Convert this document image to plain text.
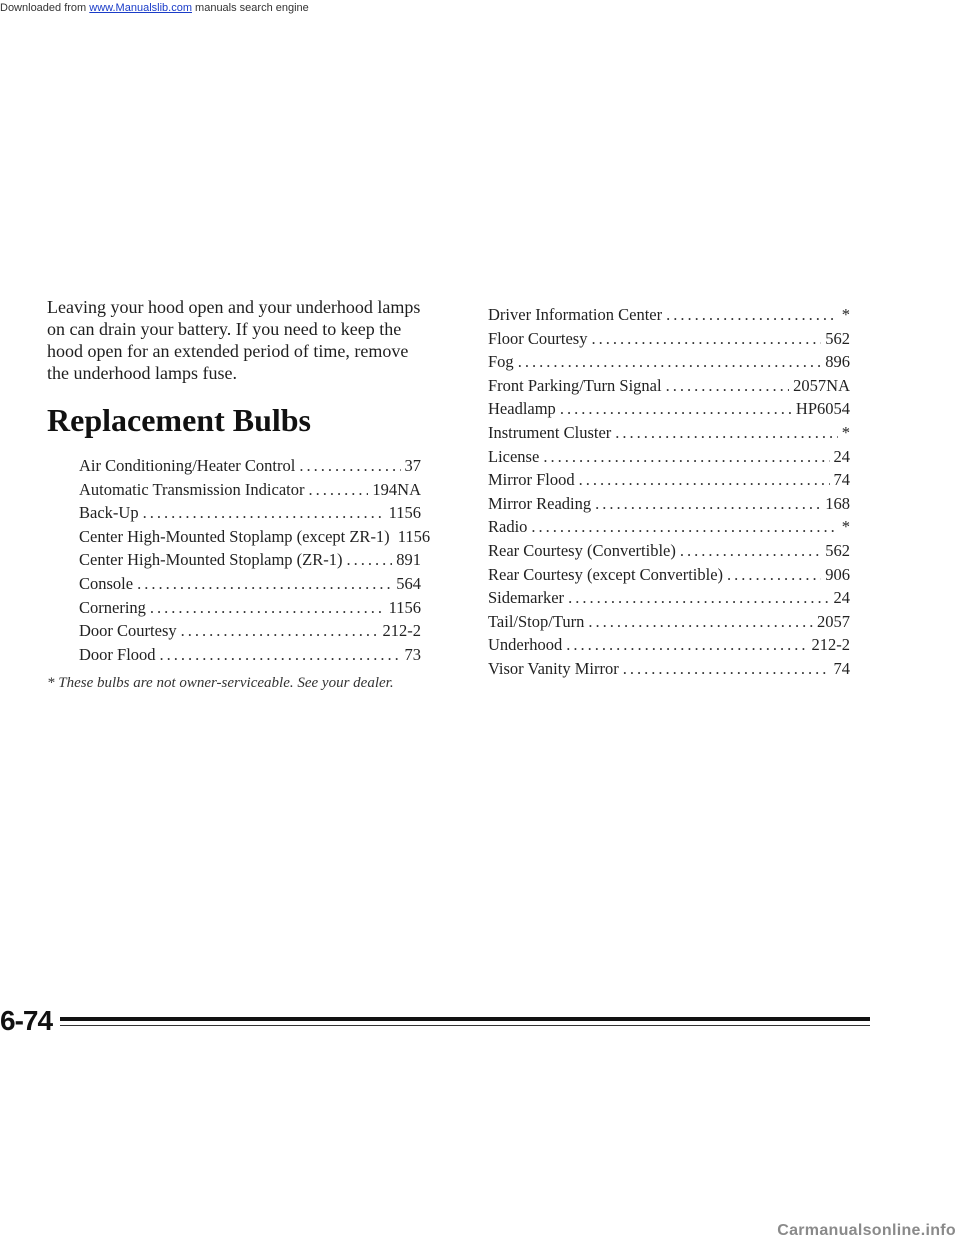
Downloaded from www.Manualslib.com manuals search engine

Leaving your hood open and your underhood lamps on can drain your battery. If you need to keep the hood open for an extended period of time, remove the underhood lamps fuse.

Replacement Bulbs
Air Conditioning/Heater Control .....	37
Automatic Transmission Indicator .....	194NA
Back-Up .....	1156
Center High-Mounted Stoplamp (except ZR-1) 1156
Center High-Mounted Stoplamp (ZR-1) .....	891
Console .....	564
Cornering .....	1156
Door Courtesy .....	212-2
Door Flood .....	73
Driver Information Center .....	*
Floor Courtesy .....	562
Fog .....	896
Front Parking/Turn Signal .....	2057NA
Headlamp .....	HP6054
Instrument Cluster .....	*
License .....	24
Mirror Flood .....	74
Mirror Reading .....	168
Radio .....	*
Rear Courtesy (Convertible) .....	562
Rear Courtesy (except Convertible) .....	906
Sidemarker .....	24
Tail/Stop/Turn .....	2057
Underhood .....	212-2
Visor Vanity Mirror .....	74

* These bulbs are not owner-serviceable. See your dealer.

6-74
Carmanualsonline.info
